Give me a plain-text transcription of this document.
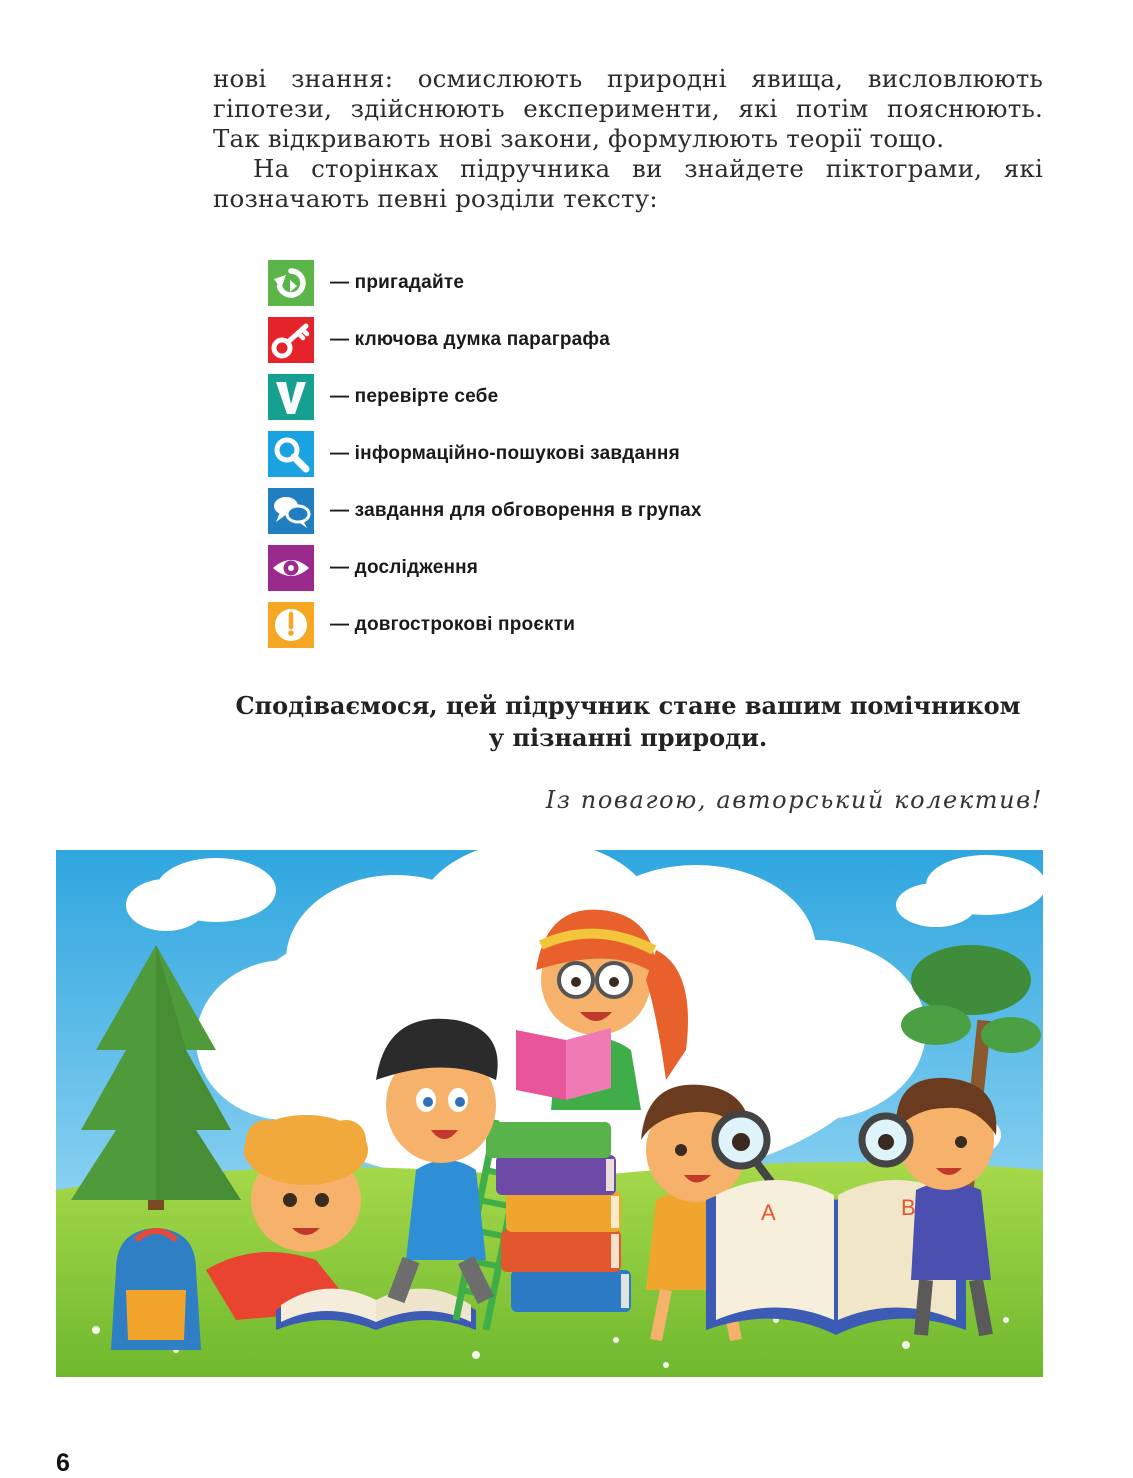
нові знання: осмислюють природні явища, висловлюють гіпотези, здійснюють експерименти, які потім пояснюють. Так відкривають нові закони, формулюють теорії тощо.

На сторінках підручника ви знайдете піктограми, які позначають певні розділи тексту:

— пригадайте
— ключова думка параграфа
— перевірте себе
— інформаційно-пошукові завдання
— завдання для обговорення в групах
— дослідження
— довгострокові проєкти
Сподіваємося, цей підручник стане вашим помічником
у пізнанні природи.
Із повагою, авторський колектив!
A	B
6
